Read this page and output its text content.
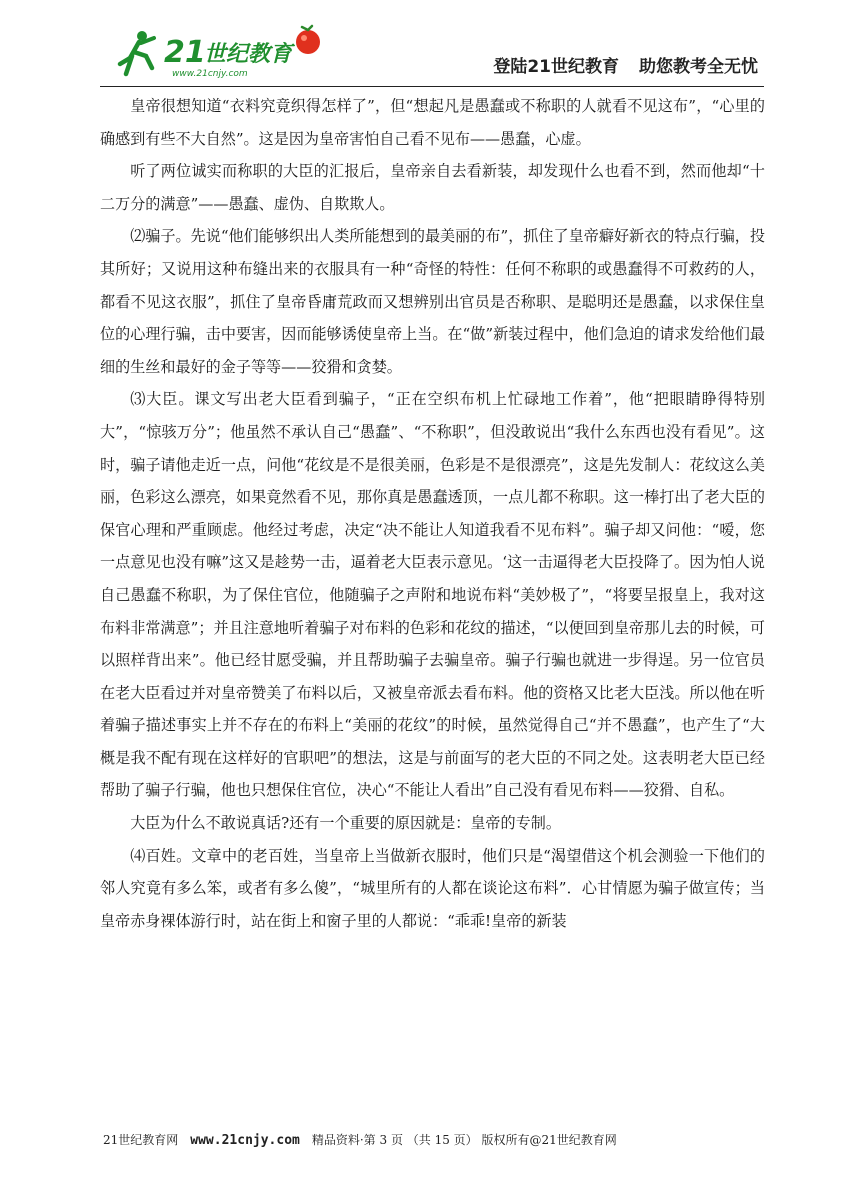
21
世纪教育
www.21cnjy.com	登陆21世纪教育 助您教考全无忧

皇帝很想知道“衣料究竟织得怎样了”，但“想起凡是愚蠢或不称职的人就看不见这布”，“心里的确感到有些不大自然”。这是因为皇帝害怕自己看不见布——愚蠢，心虚。

听了两位诚实而称职的大臣的汇报后，皇帝亲自去看新装，却发现什么也看不到，然而他却“十二万分的满意”——愚蠢、虚伪、自欺欺人。

⑵骗子。先说“他们能够织出人类所能想到的最美丽的布”，抓住了皇帝癖好新衣的特点行骗，投其所好；又说用这种布缝出来的衣服具有一种“奇怪的特性：任何不称职的或愚蠢得不可救药的人，都看不见这衣服”，抓住了皇帝昏庸荒政而又想辨别出官员是否称职、是聪明还是愚蠢，以求保住皇位的心理行骗，击中要害，因而能够诱使皇帝上当。在“做”新装过程中，他们急迫的请求发给他们最细的生丝和最好的金子等等——狡猾和贪婪。

⑶大臣。课文写出老大臣看到骗子，“正在空织布机上忙碌地工作着”，他“把眼睛睁得特别大”，“惊骇万分”；他虽然不承认自己“愚蠢”、“不称职”，但没敢说出“我什么东西也没有看见”。这时，骗子请他走近一点，问他“花纹是不是很美丽，色彩是不是很漂亮”，这是先发制人：花纹这么美丽，色彩这么漂亮，如果竟然看不见，那你真是愚蠢透顶，一点儿都不称职。这一棒打出了老大臣的保官心理和严重顾虑。他经过考虑，决定“决不能让人知道我看不见布料”。骗子却又问他：“嗳，您一点意见也没有嘛”这又是趁势一击，逼着老大臣表示意见。‘这一击逼得老大臣投降了。因为怕人说自己愚蠢不称职，为了保住官位，他随骗子之声附和地说布料“美妙极了”，“将要呈报皇上，我对这布料非常满意”；并且注意地听着骗子对布料的色彩和花纹的描述，“以便回到皇帝那儿去的时候，可以照样背出来”。他已经甘愿受骗，并且帮助骗子去骗皇帝。骗子行骗也就进一步得逞。另一位官员在老大臣看过并对皇帝赞美了布料以后，又被皇帝派去看布料。他的资格又比老大臣浅。所以他在听着骗子描述事实上并不存在的布料上“美丽的花纹”的时候，虽然觉得自己“并不愚蠢”，也产生了“大概是我不配有现在这样好的官职吧”的想法，这是与前面写的老大臣的不同之处。这表明老大臣已经帮助了骗子行骗，他也只想保住官位，决心“不能让人看出”自己没有看见布料——狡猾、自私。

大臣为什么不敢说真话?还有一个重要的原因就是：皇帝的专制。

⑷百姓。文章中的老百姓，当皇帝上当做新衣服时，他们只是“渴望借这个机会测验一下他们的邻人究竟有多么笨，或者有多么傻”，“城里所有的人都在谈论这布料”．心甘情愿为骗子做宣传；当皇帝赤身裸体游行时，站在街上和窗子里的人都说：“乖乖!皇帝的新装

21世纪教育网 www.21cnjy.com 精品资料·第 3 页 （共 15 页） 版权所有@21世纪教育网
